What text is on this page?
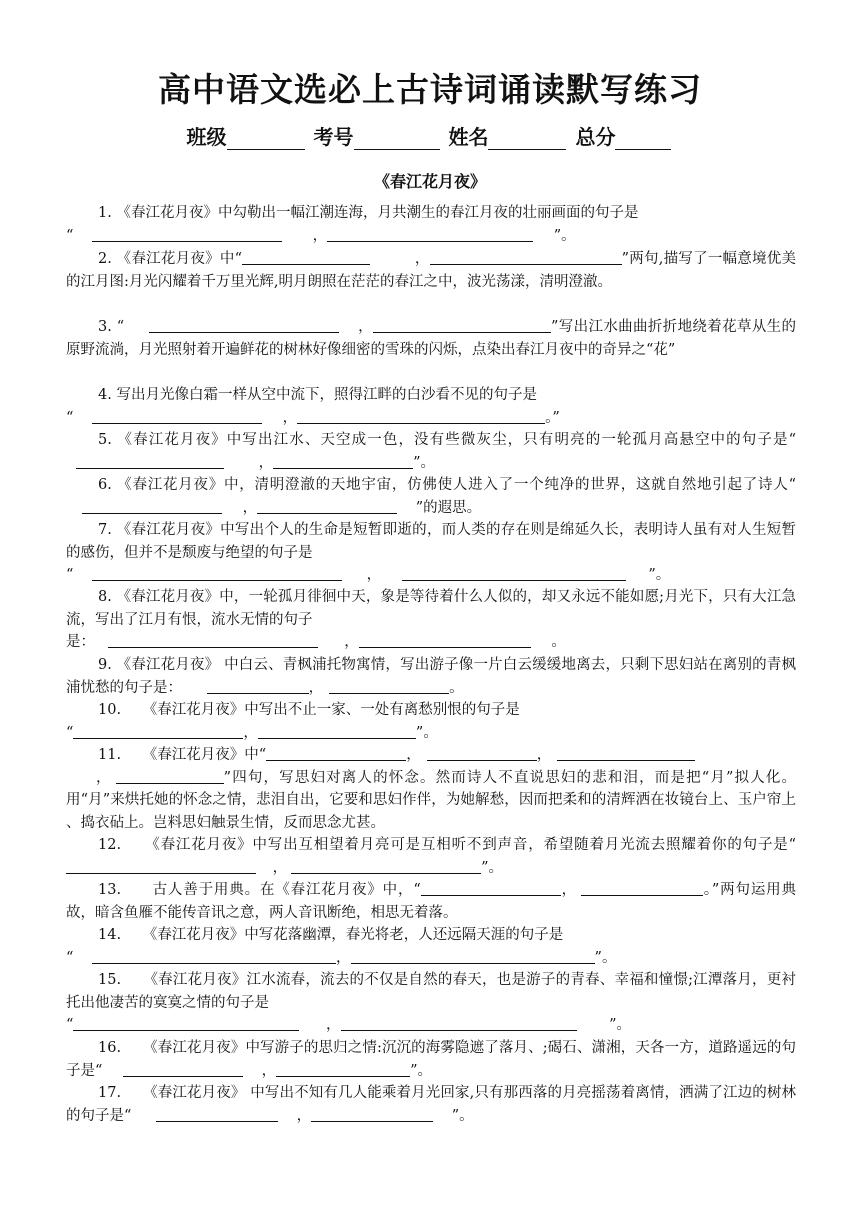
高中语文选必上古诗词诵读默写练习
班级	考号	姓名	总分
《春江花月夜》
1. 《春江花月夜》中勾勒出一幅江潮连海，月共潮生的春江月夜的壮丽画面的句子是
“	，	”。
2. 《春江花月夜》中“	，	”两句,描写了一幅意境优美的江月图:月光闪耀着千万里光辉,明月朗照在茫茫的春江之中，波光荡漾，清明澄澈。
3. “	，	”写出江水曲曲折折地绕着花草从生的原野流淌，月光照射着开遍鲜花的树林好像细密的雪珠的闪烁，点染出春江月夜中的奇异之“花”
4. 写出月光像白霜一样从空中流下，照得江畔的白沙看不见的句子是
“	，	。”
5. 《春江花月夜》中写出江水、天空成一色，没有些微灰尘，只有明亮的一轮孤月高悬空中的句子是“  ，	”。
6. 《春江花月夜》中，清明澄澈的天地宇宙，仿佛使人进入了一个纯净的世界，这就自然地引起了诗人“  ，	”的遐思。
7. 《春江花月夜》中写出个人的生命是短暂即逝的，而人类的存在则是绵延久长，表明诗人虽有对人生短暂的感伤，但并不是颓废与绝望的句子是
“	，	”。
8. 《春江花月夜》中，一轮孤月徘徊中天，象是等待着什么人似的，却又永远不能如愿;月光下，只有大江急流，写出了江月有恨，流水无情的句子
是：	，	。
9. 《春江花月夜》 中白云、青枫浦托物寓情，写出游子像一片白云缓缓地离去，只剩下思妇站在离别的青枫浦忧愁的句子是：	，	。
10.　　《春江花月夜》中写出不止一家、一处有离愁别恨的句子是
“	，	”。
11.　　《春江花月夜》中“	，	，
，	”四句，写思妇对离人的怀念。然而诗人不直说思妇的悲和泪，而是把“月”拟人化。用“月”来烘托她的怀念之情，悲泪自出，它要和思妇作伴，为她解愁，因而把柔和的清辉洒在妆镜台上、玉户帘上 、捣衣砧上。岂料思妇触景生情，反而思念尤甚。
12.　　《春江花月夜》中写出互相望着月亮可是互相听不到声音，希望随着月光流去照耀着你的句子是“ ，	”。
13.　　古人善于用典。在《春江花月夜》中，“	，	。”两句运用典故，暗含鱼雁不能传音讯之意，两人音讯断绝，相思无着落。
14.　　《春江花月夜》中写花落幽潭，春光将老，人还远隔天涯的句子是
“	，	”。
15.　　《春江花月夜》江水流春，流去的不仅是自然的春天，也是游子的青春、幸福和憧憬;江潭落月，更衬托出他凄苦的寞寞之情的句子是
“	，	”。
16.　　《春江花月夜》中写游子的思归之情:沉沉的海雾隐遮了落月、;碣石、潇湘，天各一方，道路遥远的句子是“	，	”。
17.　　《春江花月夜》 中写出不知有几人能乘着月光回家,只有那西落的月亮摇荡着离情，洒满了江边的树林的句子是“	，	”。
